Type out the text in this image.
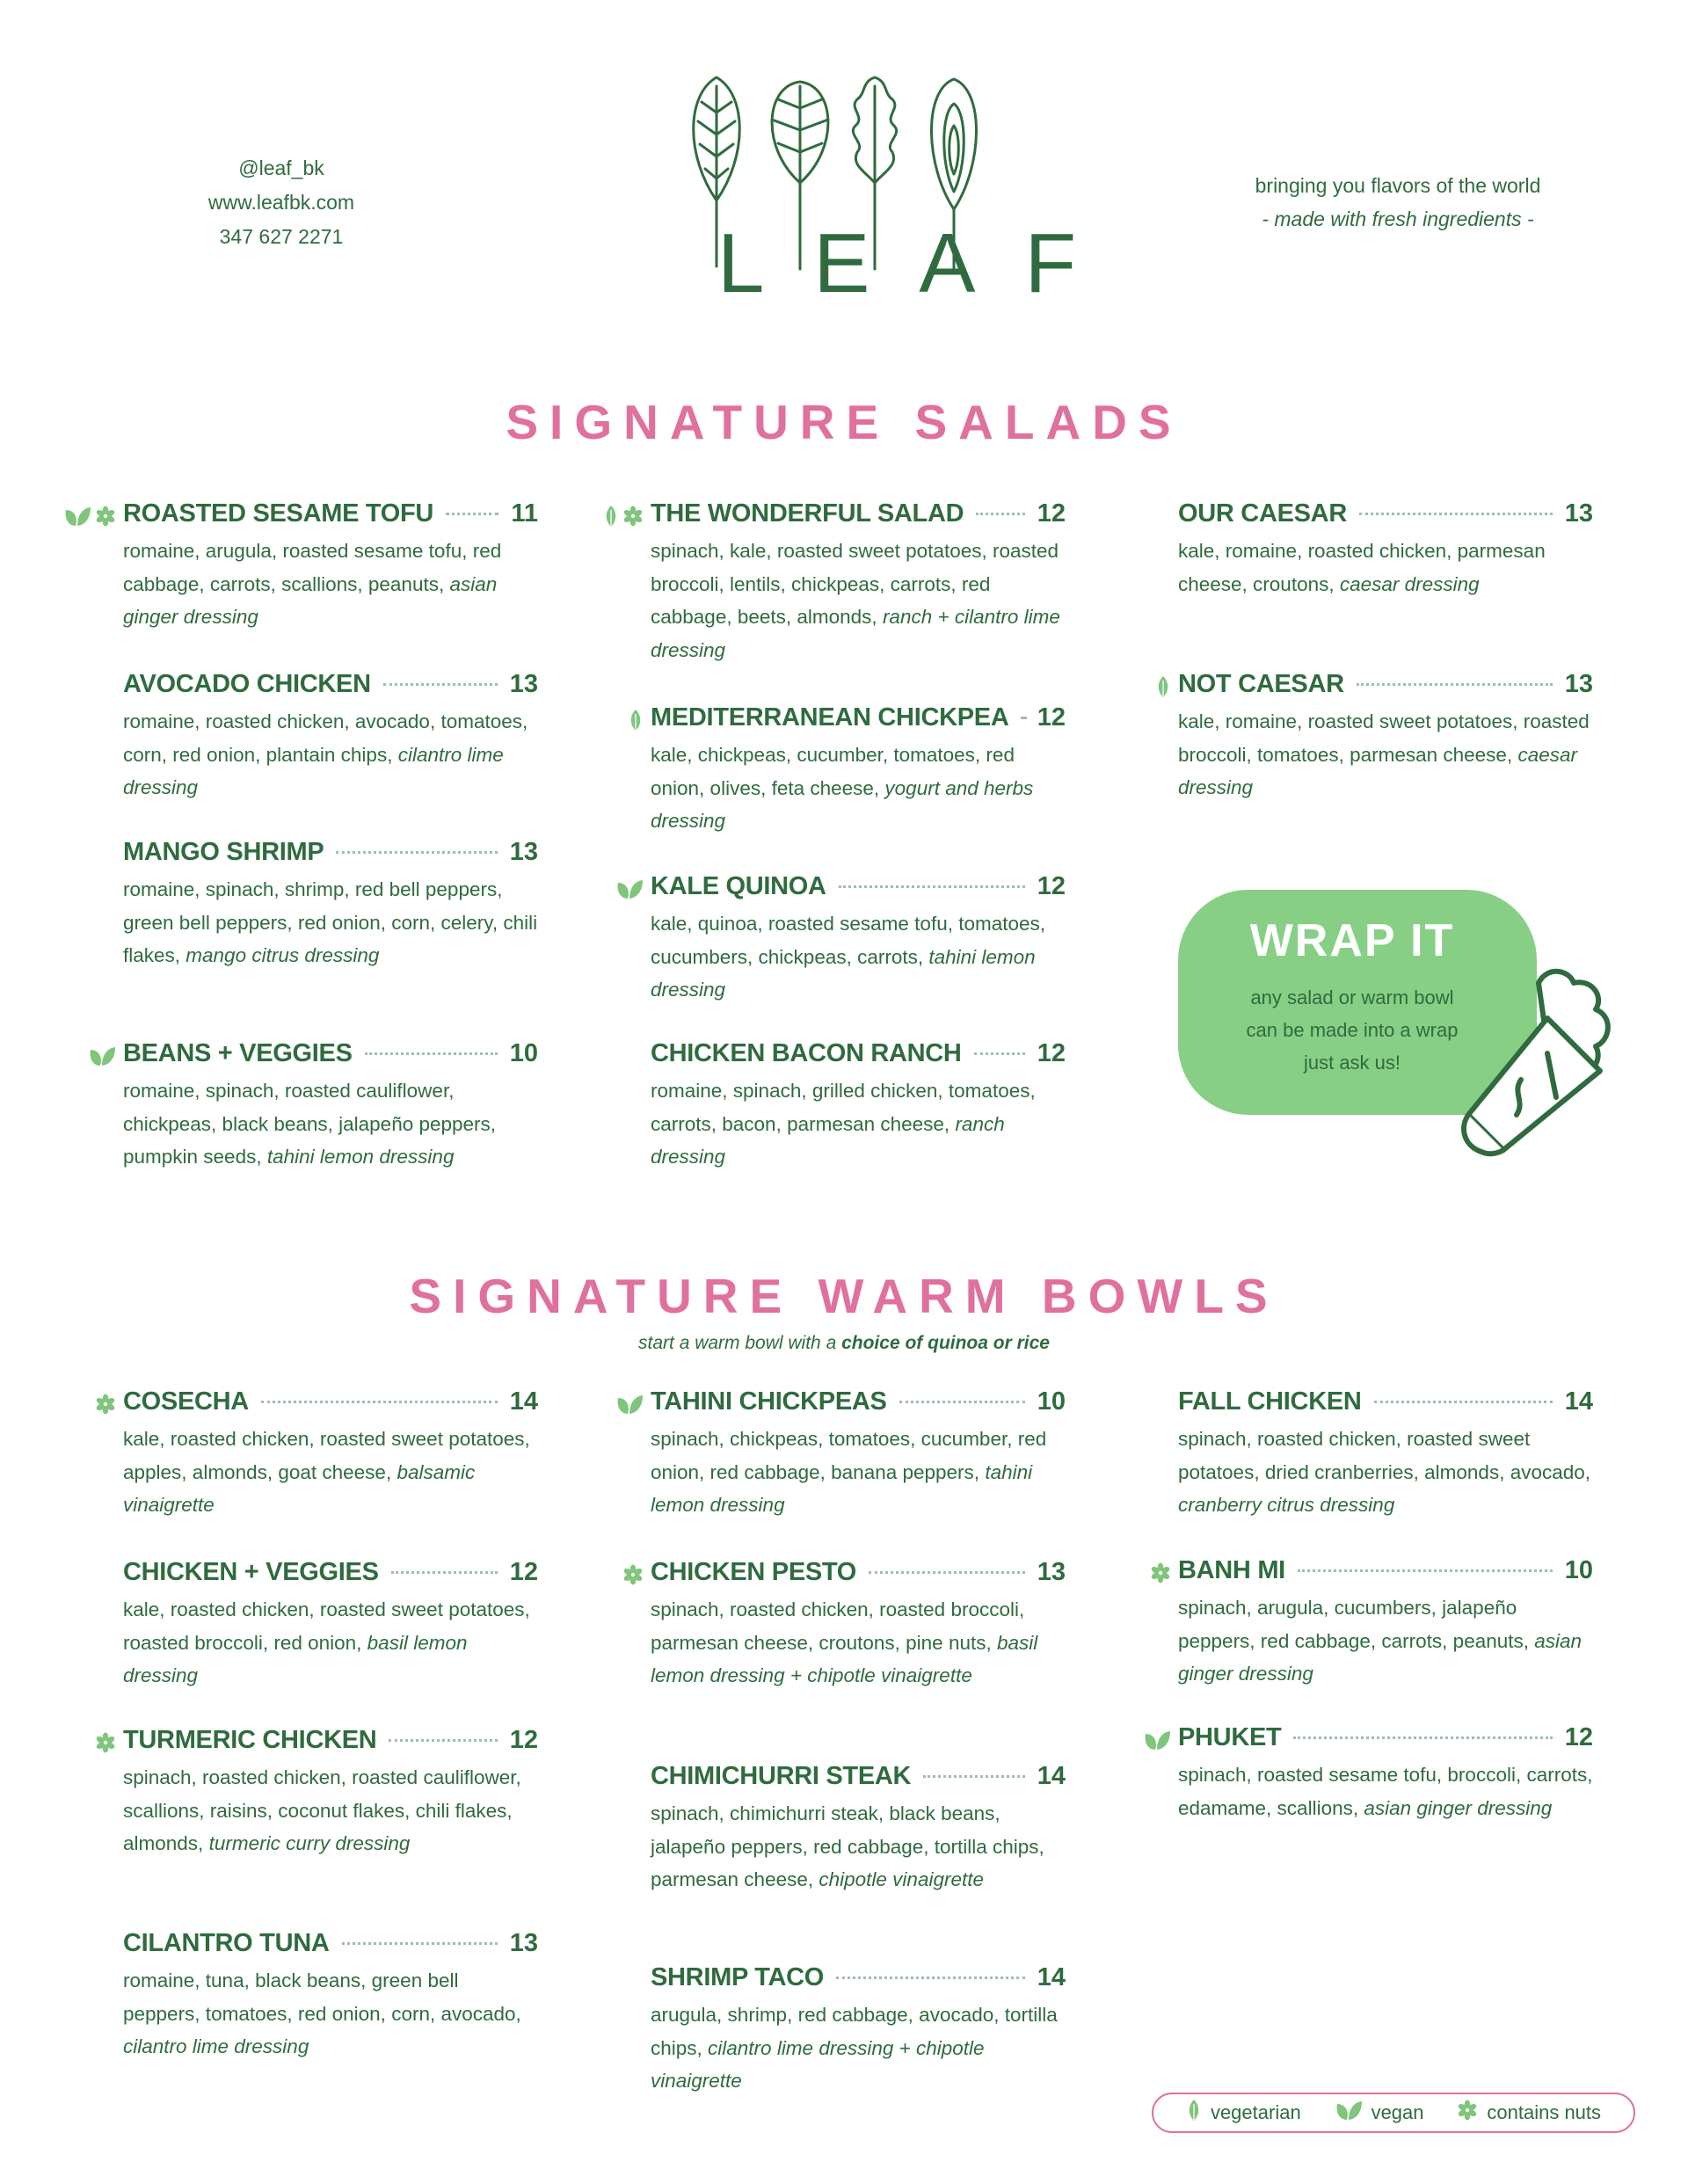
@leaf_bk
www.leafbk.com
347 627 2271	LEAF
bringing you flavors of the world
- made with fresh ingredients -
SIGNATURE SALADS
ROASTED SESAME TOFU	11
romaine, arugula, roasted sesame tofu, red cabbage, carrots, scallions, peanuts, asian ginger dressing
AVOCADO CHICKEN	13
romaine, roasted chicken, avocado, tomatoes, corn, red onion, plantain chips, cilantro lime dressing
MANGO SHRIMP	13
romaine, spinach, shrimp, red bell peppers, green bell peppers, red onion, corn, celery, chili flakes, mango citrus dressing
BEANS + VEGGIES	10
romaine, spinach, roasted cauliflower, chickpeas, black beans, jalapeño peppers, pumpkin seeds, tahini lemon dressing
THE WONDERFUL SALAD	12
spinach, kale, roasted sweet potatoes, roasted broccoli, lentils, chickpeas, carrots, red cabbage, beets, almonds, ranch + cilantro lime dressing
MEDITERRANEAN CHICKPEA 12
kale, chickpeas, cucumber, tomatoes, red onion, olives, feta cheese, yogurt and herbs dressing
KALE QUINOA	12
kale, quinoa, roasted sesame tofu, tomatoes, cucumbers, chickpeas, carrots, tahini lemon dressing
CHICKEN BACON RANCH	12
romaine, spinach, grilled chicken, tomatoes, carrots, bacon, parmesan cheese, ranch dressing
OUR CAESAR	13
kale, romaine, roasted chicken, parmesan cheese, croutons, caesar dressing
NOT CAESAR	13
kale, romaine, roasted sweet potatoes, roasted broccoli, tomatoes, parmesan cheese, caesar dressing
WRAP IT
any salad or warm bowl
can be made into a wrap
just ask us!
SIGNATURE WARM BOWLS
start a warm bowl with a choice of quinoa or rice
COSECHA	14
kale, roasted chicken, roasted sweet potatoes, apples, almonds, goat cheese, balsamic vinaigrette
CHICKEN + VEGGIES	12
kale, roasted chicken, roasted sweet potatoes, roasted broccoli, red onion, basil lemon dressing
TURMERIC CHICKEN	12
spinach, roasted chicken, roasted cauliflower, scallions, raisins, coconut flakes, chili flakes, almonds, turmeric curry dressing
CILANTRO TUNA	13
romaine, tuna, black beans, green bell peppers, tomatoes, red onion, corn, avocado, cilantro lime dressing
TAHINI CHICKPEAS	10
spinach, chickpeas, tomatoes, cucumber, red onion, red cabbage, banana peppers, tahini lemon dressing
CHICKEN PESTO	13
spinach, roasted chicken, roasted broccoli, parmesan cheese, croutons, pine nuts, basil lemon dressing + chipotle vinaigrette
CHIMICHURRI STEAK	14
spinach, chimichurri steak, black beans, jalapeño peppers, red cabbage, tortilla chips, parmesan cheese, chipotle vinaigrette
SHRIMP TACO	14
arugula, shrimp, red cabbage, avocado, tortilla chips, cilantro lime dressing + chipotle vinaigrette
FALL CHICKEN	14
spinach, roasted chicken, roasted sweet potatoes, dried cranberries, almonds, avocado, cranberry citrus dressing
BANH MI	10
spinach, arugula, cucumbers, jalapeño peppers, red cabbage, carrots, peanuts, asian ginger dressing
PHUKET	12
spinach, roasted sesame tofu, broccoli, carrots, edamame, scallions, asian ginger dressing
vegetarian	vegan	contains nuts
